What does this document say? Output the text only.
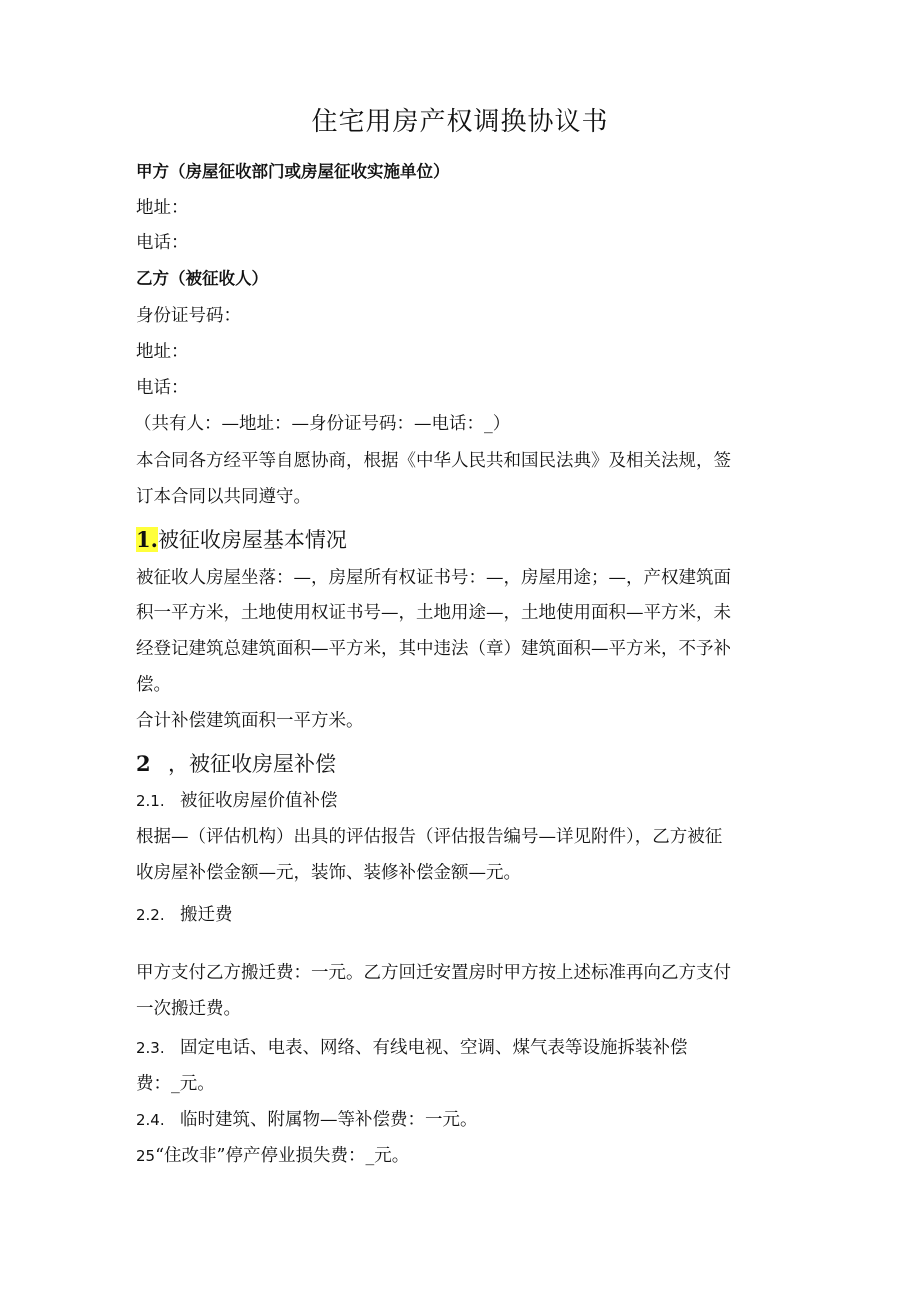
住宅用房产权调换协议书
甲方（房屋征收部门或房屋征收实施单位）
地址：
电话：
乙方（被征收人）
身份证号码：
地址：
电话：
（共有人：—地址：—身份证号码：—电话：_）
本合同各方经平等自愿协商，根据《中华人民共和国民法典》及相关法规，签
订本合同以共同遵守。
1.被征收房屋基本情况
被征收人房屋坐落：—，房屋所有权证书号：—，房屋用途；—，产权建筑面
积一平方米，土地使用权证书号—，土地用途—，土地使用面积—平方米，未
经登记建筑总建筑面积—平方米，其中违法（章）建筑面积—平方米，不予补
偿。
合计补偿建筑面积一平方米。
2 ，被征收房屋补偿
2.1. 被征收房屋价值补偿
根据—（评估机构）出具的评估报告（评估报告编号—详见附件），乙方被征
收房屋补偿金额—元，装饰、装修补偿金额—元。
2.2. 搬迁费
甲方支付乙方搬迁费：一元。乙方回迁安置房时甲方按上述标准再向乙方支付
一次搬迁费。
2.3. 固定电话、电表、网络、有线电视、空调、煤气表等设施拆装补偿
费：_元。
2.4. 临时建筑、附属物—等补偿费：一元。
25“住改非”停产停业损失费：_元。
